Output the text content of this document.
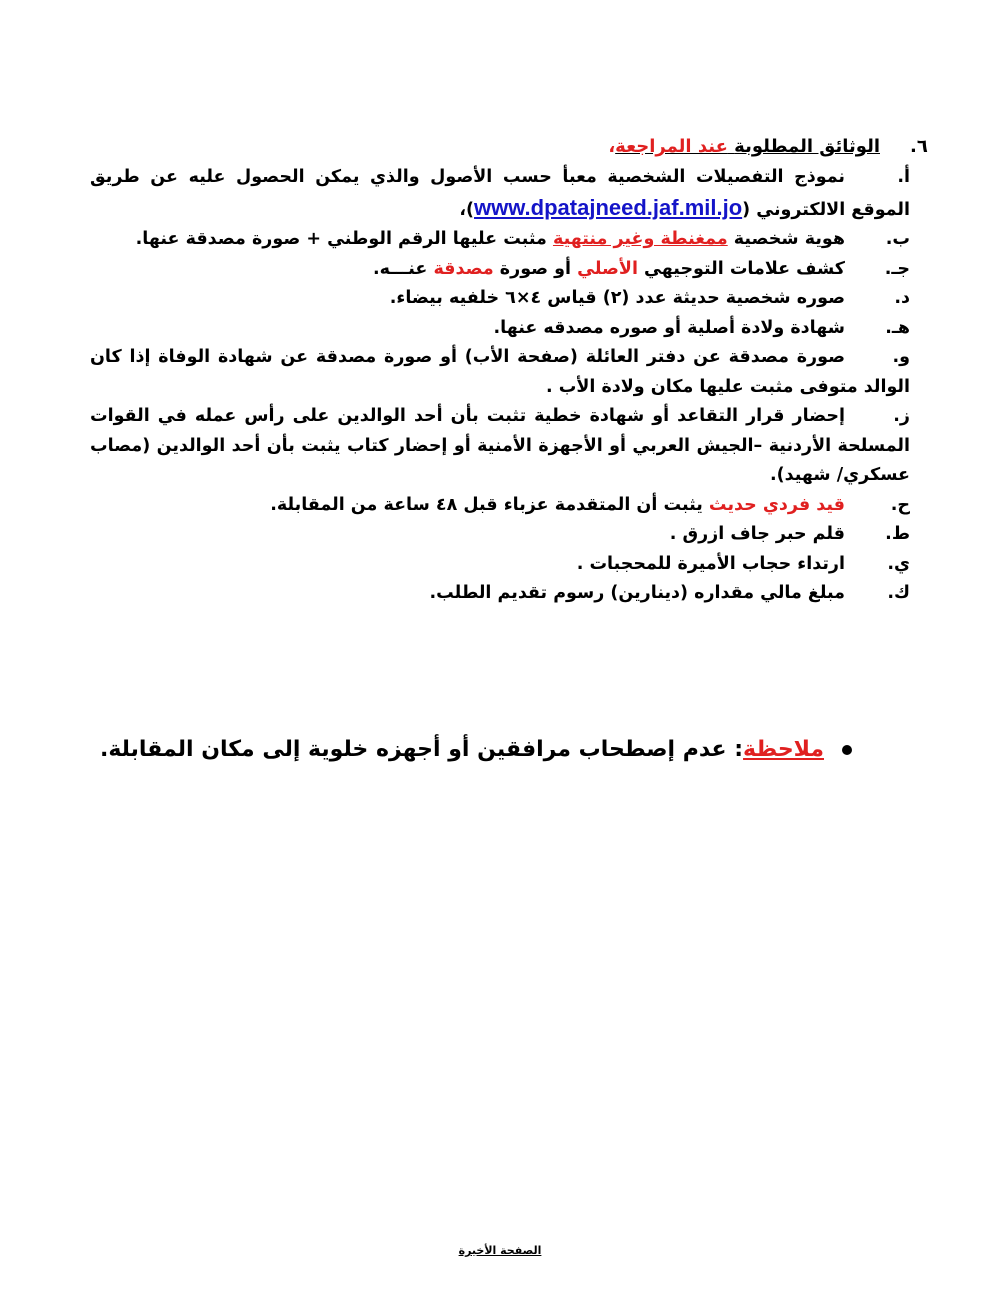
٦.
الوثائق المطلوبة عند المراجعة،
أ.نموذج التفصيلات الشخصية معبأ حسب الأصول والذي يمكن الحصول عليه عن طريق الموقع الالكتروني (www.dpatajneed.jaf.mil.jo)،
ب.هوية شخصية ممغنطة وغير منتهية مثبت عليها الرقم الوطني + صورة مصدقة عنها.
جـ.كشف علامات التوجيهي الأصلي أو صورة مصدقة عنـــه.
د.صوره شخصية حديثة عدد (٢) قياس ٤×٦ خلفيه بيضاء.
هـ.شهادة ولادة أصلية أو صوره مصدقه عنها.
و.صورة مصدقة عن دفتر العائلة (صفحة الأب) أو صورة مصدقة عن شهادة الوفاة إذا كان الوالد متوفى مثبت عليها مكان ولادة الأب .
ز.إحضار قرار التقاعد أو شهادة خطية تثبت بأن أحد الوالدين على رأس عمله في القوات المسلحة الأردنية –الجيش العربي أو الأجهزة الأمنية أو إحضار كتاب يثبت بأن أحد الوالدين (مصاب عسكري/ شهيد).
ح.قيد فردي حديث يثبت أن المتقدمة عزباء قبل ٤٨ ساعة من المقابلة.
ط.قلم حبر جاف ازرق .
ي.ارتداء حجاب الأميرة للمحجبات .
ك.مبلغ مالي مقداره (دينارين) رسوم تقديم الطلب.
ملاحظة: عدم إصطحاب مرافقين أو أجهزه خلوية إلى مكان المقابلة.
الصفحة الأخيرة
